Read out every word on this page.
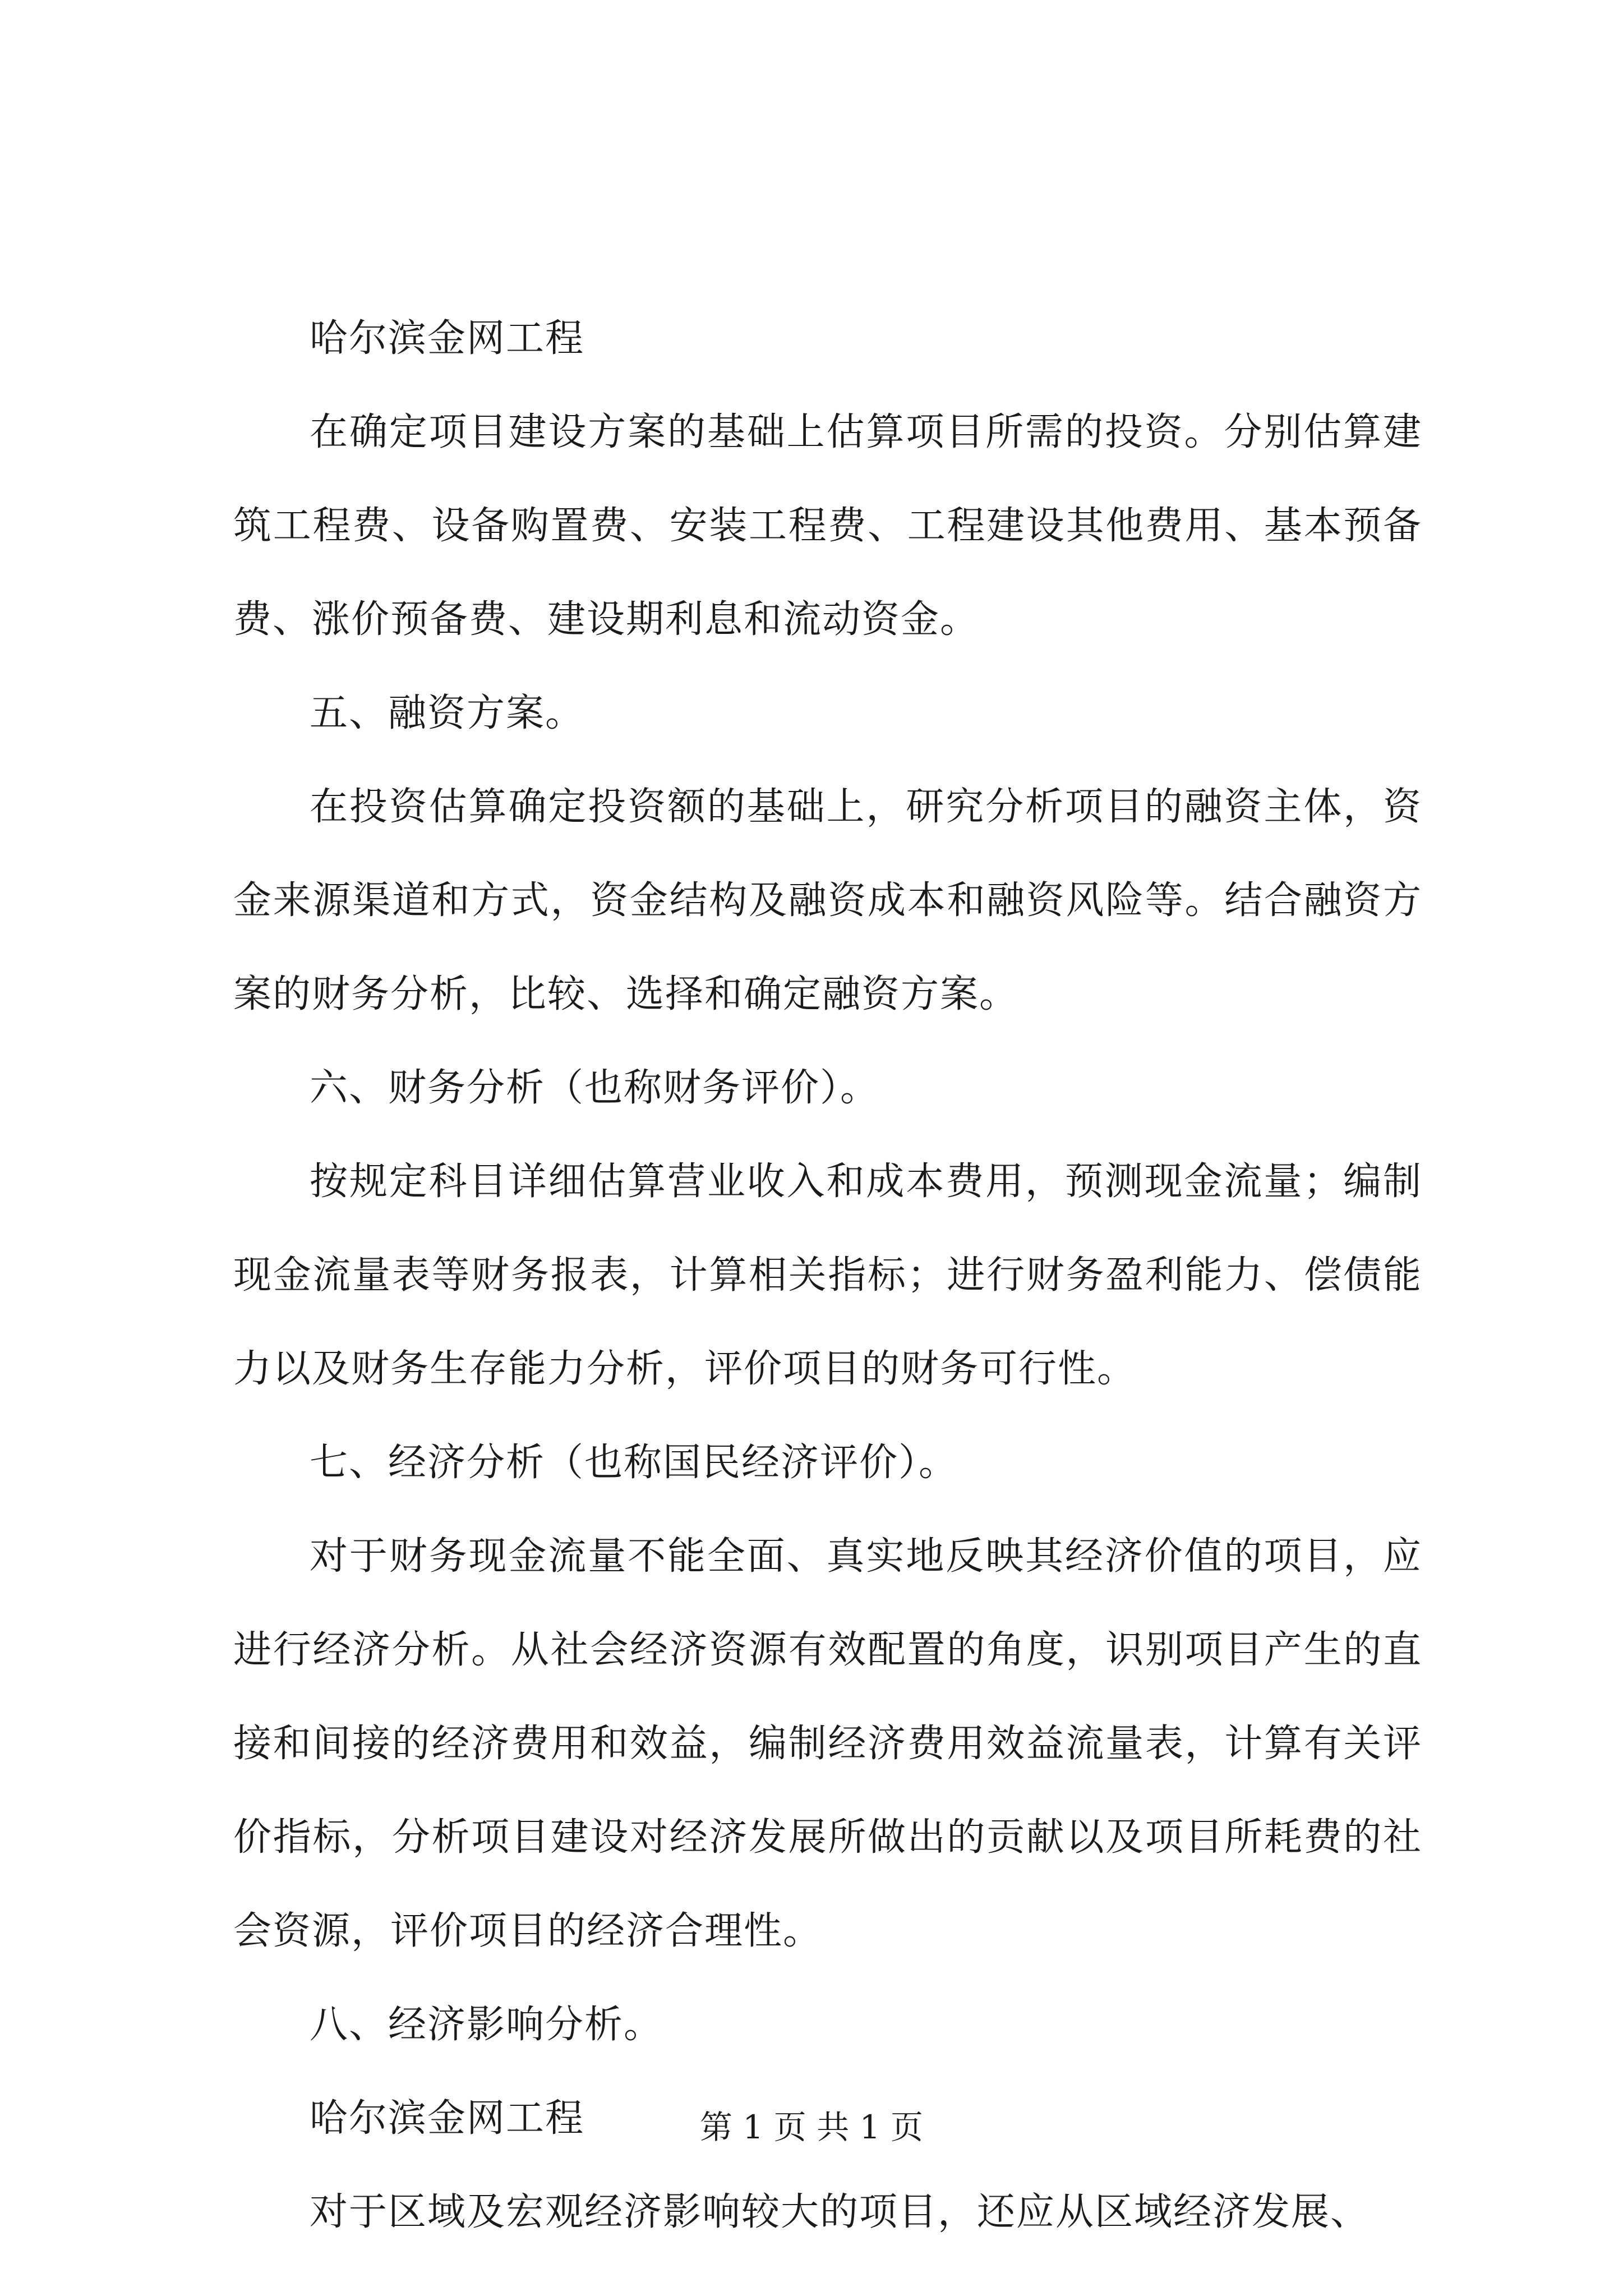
哈尔滨金网工程

在确定项目建设方案的基础上估算项目所需的投资。分别估算建筑工程费、设备购置费、安装工程费、工程建设其他费用、基本预备费、涨价预备费、建设期利息和流动资金。

五、融资方案。

在投资估算确定投资额的基础上，研究分析项目的融资主体，资金来源渠道和方式，资金结构及融资成本和融资风险等。结合融资方案的财务分析，比较、选择和确定融资方案。

六、财务分析（也称财务评价）。

按规定科目详细估算营业收入和成本费用，预测现金流量；编制现金流量表等财务报表，计算相关指标；进行财务盈利能力、偿债能力以及财务生存能力分析，评价项目的财务可行性。

七、经济分析（也称国民经济评价）。

对于财务现金流量不能全面、真实地反映其经济价值的项目，应进行经济分析。从社会经济资源有效配置的角度，识别项目产生的直接和间接的经济费用和效益，编制经济费用效益流量表，计算有关评价指标，分析项目建设对经济发展所做出的贡献以及项目所耗费的社会资源，评价项目的经济合理性。

八、经济影响分析。

哈尔滨金网工程

对于区域及宏观经济影响较大的项目，还应从区域经济发展、

第 1 页 共 1 页
